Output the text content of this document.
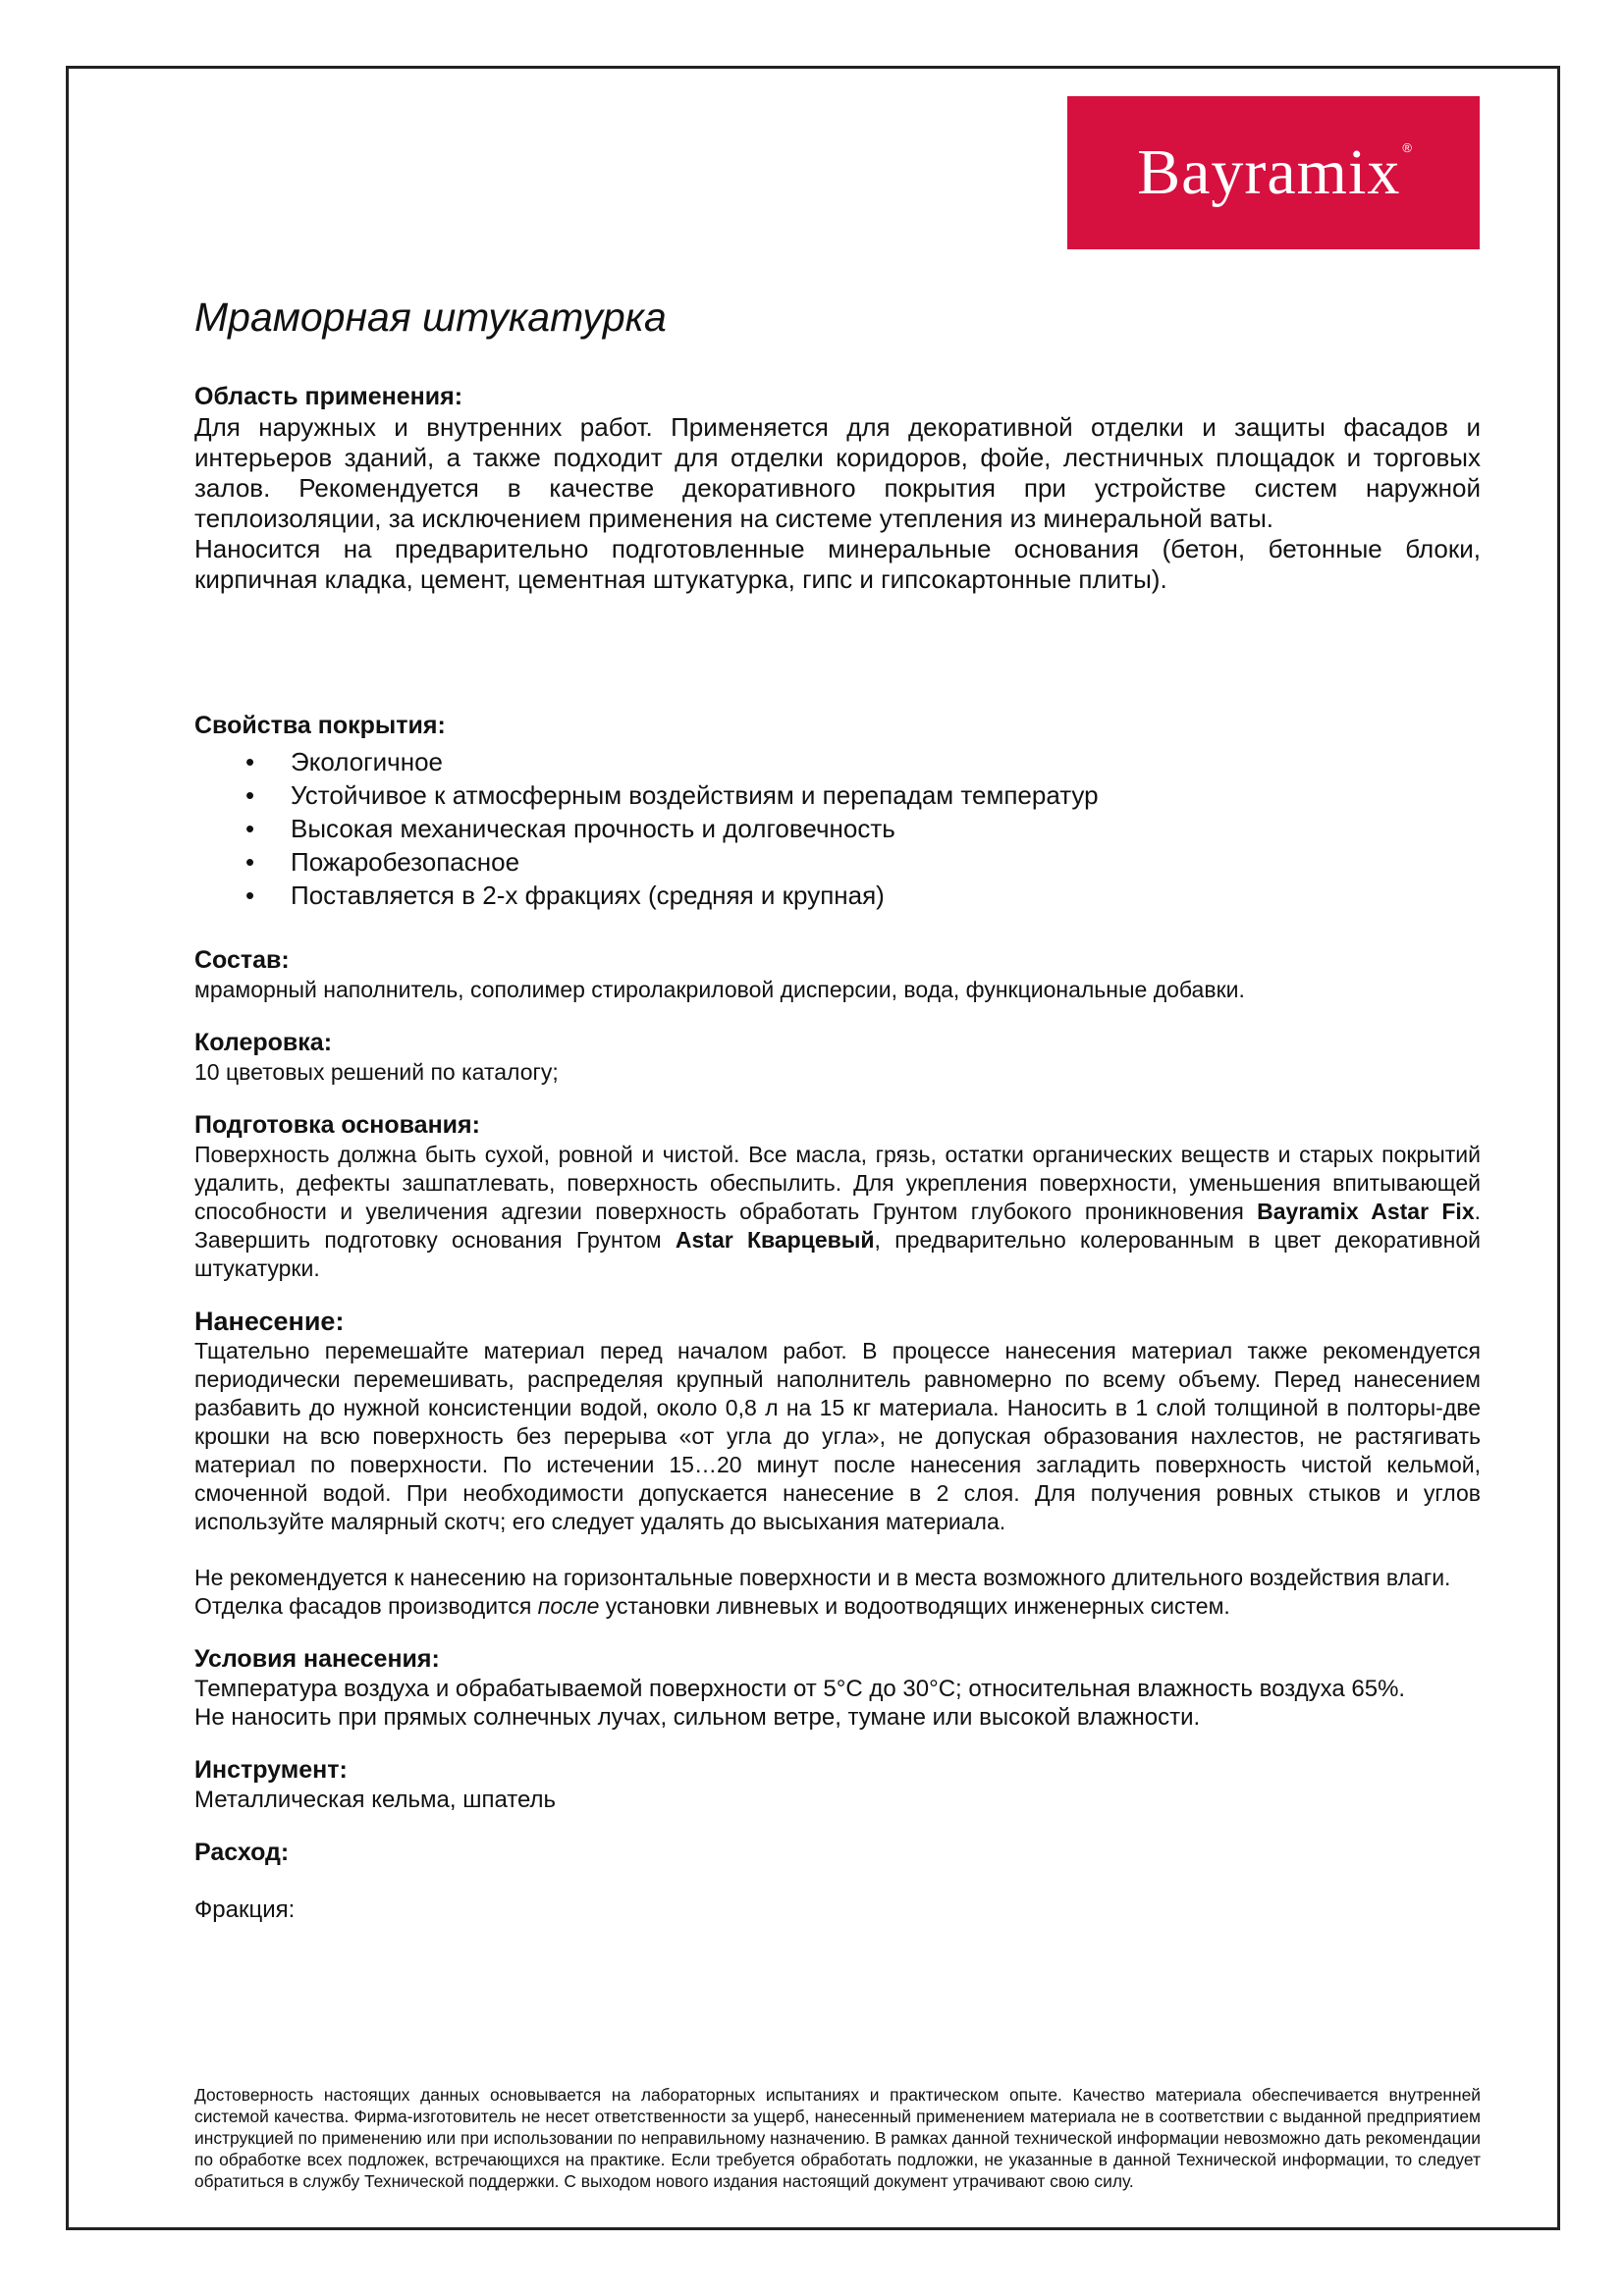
Bayramix ®
Мраморная штукатурка
Область применения:
Для наружных и внутренних работ. Применяется для декоративной отделки и защиты фасадов и интерьеров зданий, а также подходит для отделки коридоров, фойе, лестничных площадок и торговых залов. Рекомендуется в качестве декоративного покрытия при устройстве систем наружной теплоизоляции, за исключением применения на системе утепления из минеральной ваты.
Наносится на предварительно подготовленные минеральные основания (бетон, бетонные блоки, кирпичная кладка, цемент, цементная штукатурка, гипс и гипсокартонные плиты).
Свойства покрытия:
• Экологичное
• Устойчивое к атмосферным воздействиям и перепадам температур
• Высокая механическая прочность и долговечность
• Пожаробезопасное
• Поставляется в 2-х фракциях (средняя и крупная)
Состав:
мраморный наполнитель, сополимер стиролакриловой дисперсии, вода, функциональные добавки.
Колеровка:
10 цветовых решений по каталогу;
Подготовка основания:
Поверхность должна быть сухой, ровной и чистой. Все масла, грязь, остатки органических веществ и старых покрытий удалить, дефекты зашпатлевать, поверхность обеспылить. Для укрепления поверхности, уменьшения впитывающей способности и увеличения адгезии поверхность обработать Грунтом глубокого проникновения Bayramix Astar Fix. Завершить подготовку основания Грунтом Astar Кварцевый, предварительно колерованным в цвет декоративной штукатурки.
Нанесение:
Тщательно перемешайте материал перед началом работ. В процессе нанесения материал также рекомендуется периодически перемешивать, распределяя крупный наполнитель равномерно по всему объему. Перед нанесением разбавить до нужной консистенции водой, около 0,8 л на 15 кг материала. Наносить в 1 слой толщиной в полторы-две крошки на всю поверхность без перерыва «от угла до угла», не допуская образования нахлестов, не растягивать материал по поверхности. По истечении 15…20 минут после нанесения загладить поверхность чистой кельмой, смоченной водой. При необходимости допускается нанесение в 2 слоя. Для получения ровных стыков и углов используйте малярный скотч; его следует удалять до высыхания материала.
Не рекомендуется к нанесению на горизонтальные поверхности и в места возможного длительного воздействия влаги.
Отделка фасадов производится после установки ливневых и водоотводящих инженерных систем.
Условия нанесения:
Температура воздуха и обрабатываемой поверхности от 5°С до 30°С; относительная влажность воздуха 65%.
Не наносить при прямых солнечных лучах, сильном ветре, тумане или высокой влажности.
Инструмент:
Металлическая кельма, шпатель
Расход:
Фракция:
Достоверность настоящих данных основывается на лабораторных испытаниях и практическом опыте. Качество материала обеспечивается внутренней системой качества. Фирма-изготовитель не несет ответственности за ущерб, нанесенный применением материала не в соответствии с выданной предприятием инструкцией по применению или при использовании по неправильному назначению. В рамках данной технической информации невозможно дать рекомендации по обработке всех подложек, встречающихся на практике. Если требуется обработать подложки, не указанные в данной Технической информации, то следует обратиться в службу Технической поддержки. С выходом нового издания настоящий документ утрачивают свою силу.
